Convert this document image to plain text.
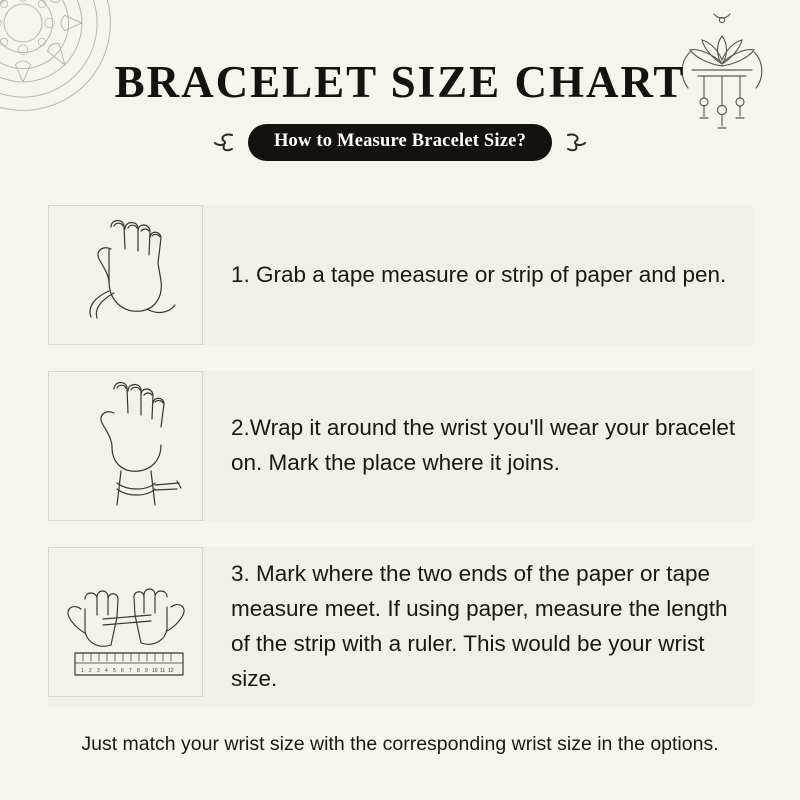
BRACELET SIZE CHART
How to Measure Bracelet Size?

1. Grab a tape measure or strip of paper and pen.

2.Wrap it around the wrist you'll wear your bracelet on. Mark the place where it joins.

1 2 3 4 5 6 7 8 9 10 11 12

3. Mark where the two ends of the paper or tape measure meet. If using paper, measure the length of the strip with a ruler. This would be your wrist size.

Just match your wrist size with the corresponding wrist size in the options.
